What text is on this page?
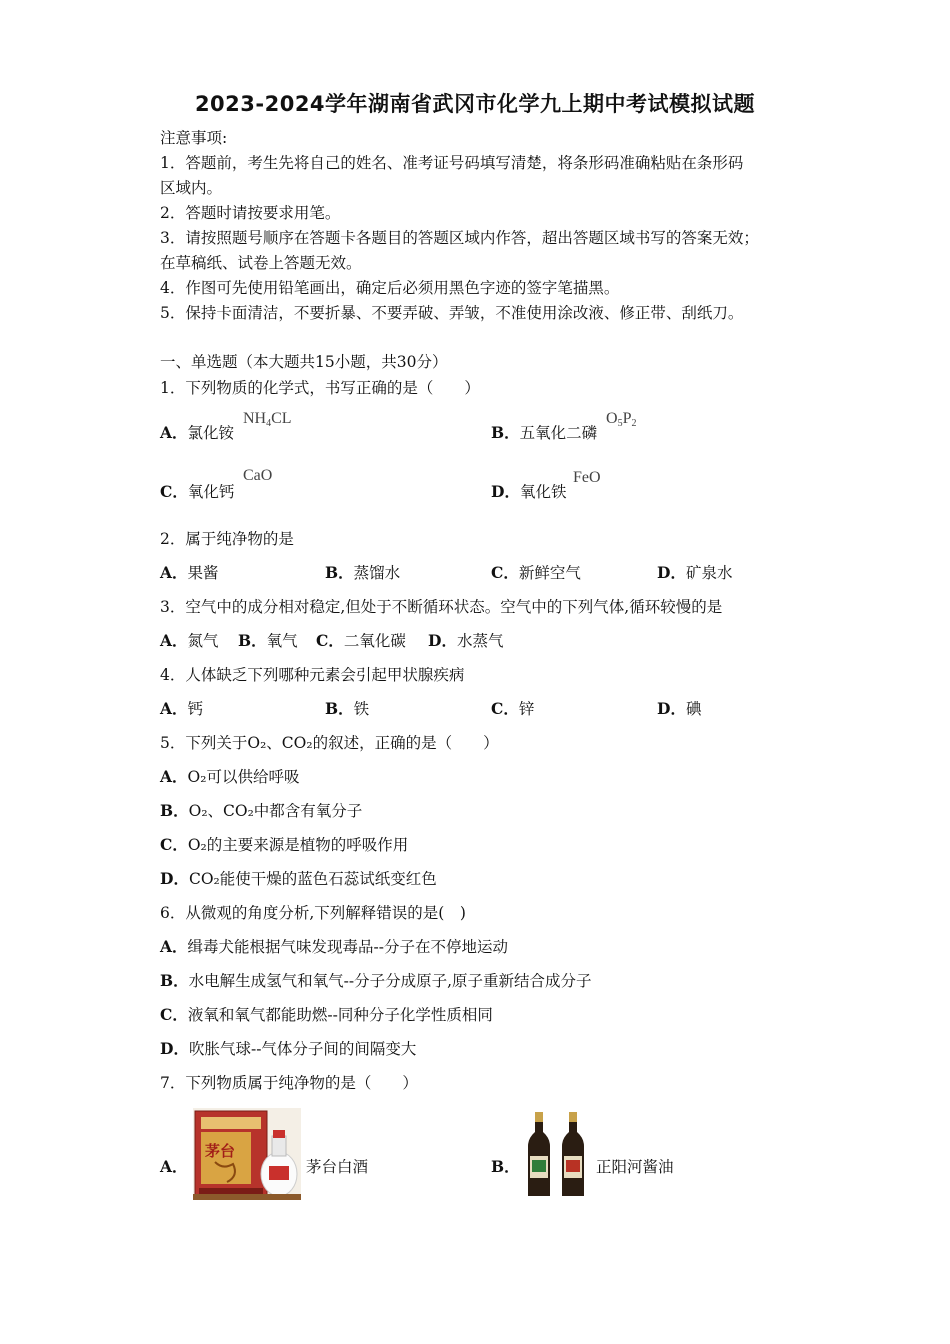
2023-2024学年湖南省武冈市化学九上期中考试模拟试题
注意事项:
1．答题前，考生先将自己的姓名、准考证号码填写清楚，将条形码准确粘贴在条形码
区域内。
2．答题时请按要求用笔。
3．请按照题号顺序在答题卡各题目的答题区域内作答，超出答题区域书写的答案无效；
在草稿纸、试卷上答题无效。
4．作图可先使用铅笔画出，确定后必须用黑色字迹的签字笔描黑。
5．保持卡面清洁，不要折暴、不要弄破、弄皱，不准使用涂改液、修正带、刮纸刀。
一、单选题（本大题共15小题，共30分）
1．下列物质的化学式，书写正确的是（　　）
A．氯化铵
$NH_4CL$
B．五氧化二磷
$O_5P_2$
C．氧化钙
CaO
D．氧化铁
FeO
2．属于纯净物的是
A．果酱	B．蒸馏水	C．新鲜空气	D．矿泉水
3．空气中的成分相对稳定,但处于不断循环状态。空气中的下列气体,循环较慢的是
A．氮气 B．氧气 C．二氧化碳 D．水蒸气
4．人体缺乏下列哪种元素会引起甲状腺疾病
A．钙	B．铁	C．锌	D．碘
5．下列关于O₂、CO₂的叙述，正确的是（　　）
A．O₂可以供给呼吸
B．O₂、CO₂中都含有氧分子
C．O₂的主要来源是植物的呼吸作用
D．CO₂能使干燥的蓝色石蕊试纸变红色
6．从微观的角度分析,下列解释错误的是(　)
A．缉毒犬能根据气味发现毒品--分子在不停地运动
B．水电解生成氢气和氧气--分子分成原子,原子重新结合成分子
C．液氧和氧气都能助燃--同种分子化学性质相同
D．吹胀气球--气体分子间的间隔变大
7．下列物质属于纯净物的是（　　）
A．
茅台
茅台白酒	B．	正阳河酱油
